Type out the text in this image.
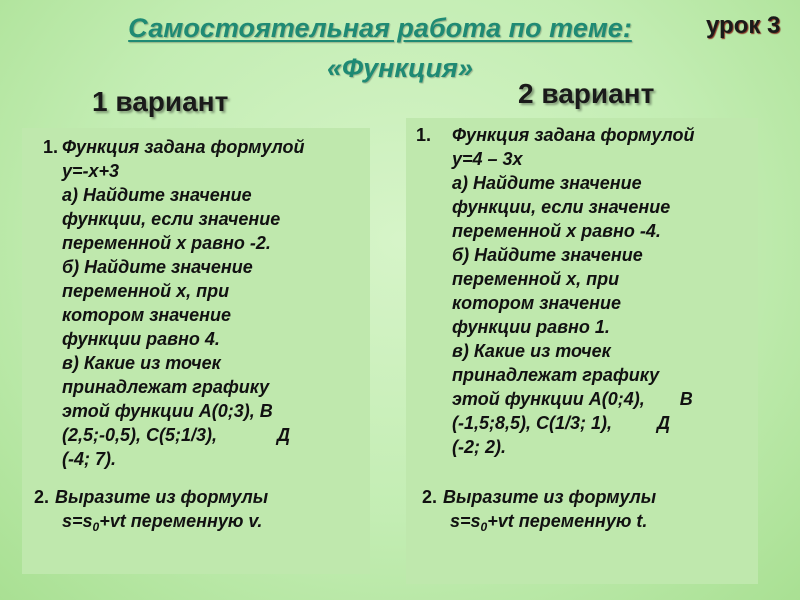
Самостоятельная работа по теме:
«Функция»
урок 3
1 вариант	2 вариант
1. Функция задана формулой
y=-x+3
а) Найдите значение
функции, если значение
переменной х равно -2.
б) Найдите значение
переменной х, при
котором значение
функции равно 4.
в) Какие из точек
принадлежат графику
этой функции А(0;3), В
(2,5;-0,5), С(5;1/3),            Д
(-4; 7).
2. Выразите из формулы
$s=s_0+vt$ переменную v.
1.	Функция задана формулой
y=4 – 3x
а) Найдите значение
функции, если значение
переменной х равно -4.
б) Найдите значение
переменной х, при
котором значение
функции равно 1.
в) Какие из точек
принадлежат графику
этой функции А(0;4),       В
(-1,5;8,5), С(1/3; 1),         Д
(-2; 2).
2. Выразите из формулы
$s=s_0+vt$ переменную t.
